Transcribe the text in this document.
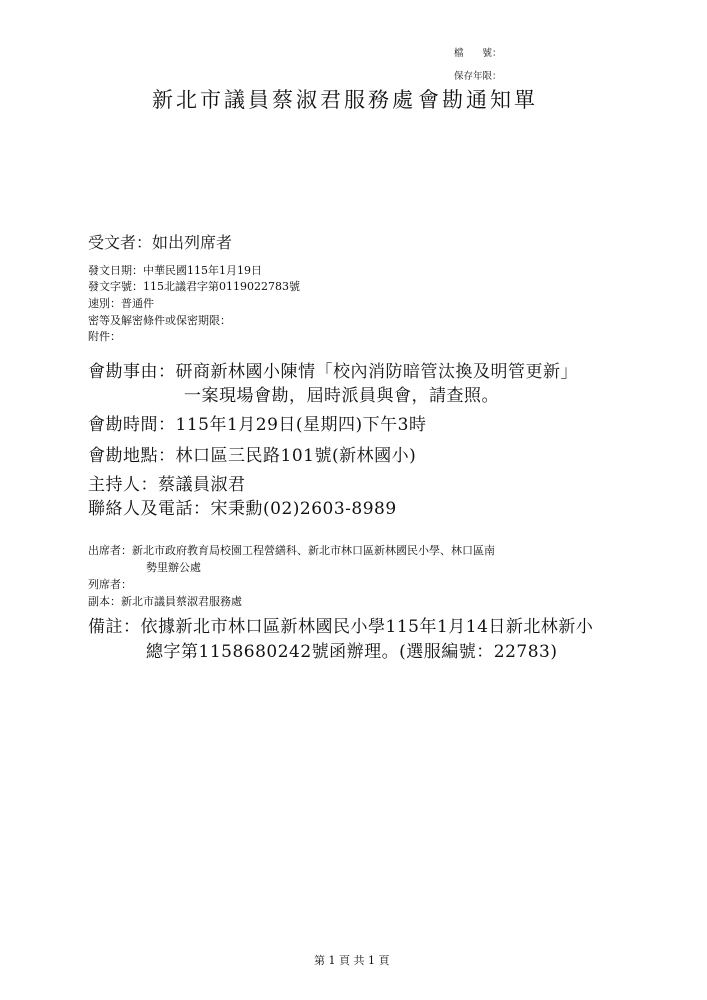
檔　　號：
保存年限：
新北市議員蔡淑君服務處 會勘通知單
受文者：如出列席者
發文日期：中華民國115年1月19日
發文字號：115北議君字第0119022783號
速別：普通件
密等及解密條件或保密期限：
附件：
會勘事由：研商新林國小陳情「校內消防暗管汰換及明管更新」
一案現場會勘，屆時派員與會，請查照。
會勘時間：115年1月29日(星期四)下午3時
會勘地點：林口區三民路101號(新林國小)
主持人：蔡議員淑君
聯絡人及電話：宋秉勳(02)2603-8989
出席者：新北市政府教育局校園工程營繕科、新北市林口區新林國民小學、林口區南
勢里辦公處
列席者：
副本：新北市議員蔡淑君服務處
備註：依據新北市林口區新林國民小學115年1月14日新北林新小
總字第1158680242號函辦理。(選服編號：22783)
第 1 頁 共 1 頁
